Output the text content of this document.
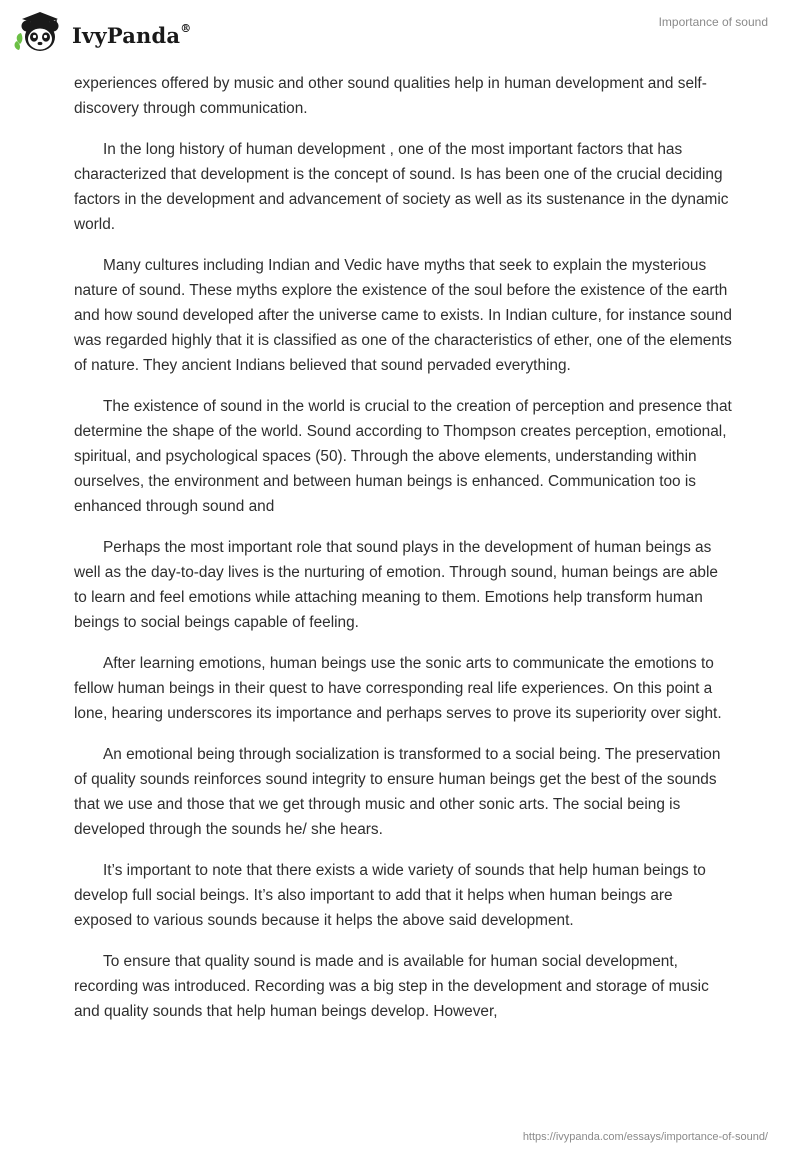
IvyPanda®	Importance of sound

experiences offered by music and other sound qualities help in human development and self-discovery through communication.

In the long history of human development , one of the most important factors that has characterized that development is the concept of sound. Is has been one of the crucial deciding factors in the development and advancement of society as well as its sustenance in the dynamic world.

Many cultures including Indian and Vedic have myths that seek to explain the mysterious nature of sound. These myths explore the existence of the soul before the existence of the earth and how sound developed after the universe came to exists. In Indian culture, for instance sound was regarded highly that it is classified as one of the characteristics of ether, one of the elements of nature. They ancient Indians believed that sound pervaded everything.

The existence of sound in the world is crucial to the creation of perception and presence that determine the shape of the world. Sound according to Thompson creates perception, emotional, spiritual, and psychological spaces (50). Through the above elements, understanding within ourselves, the environment and between human beings is enhanced. Communication too is enhanced through sound and

Perhaps the most important role that sound plays in the development of human beings as well as the day-to-day lives is the nurturing of emotion. Through sound, human beings are able to learn and feel emotions while attaching meaning to them. Emotions help transform human beings to social beings capable of feeling.

After learning emotions, human beings use the sonic arts to communicate the emotions to fellow human beings in their quest to have corresponding real life experiences. On this point a lone, hearing underscores its importance and perhaps serves to prove its superiority over sight.

An emotional being through socialization is transformed to a social being. The preservation of quality sounds reinforces sound integrity to ensure human beings get the best of the sounds that we use and those that we get through music and other sonic arts. The social being is developed through the sounds he/ she hears.

It’s important to note that there exists a wide variety of sounds that help human beings to develop full social beings. It’s also important to add that it helps when human beings are exposed to various sounds because it helps the above said development.

To ensure that quality sound is made and is available for human social development, recording was introduced. Recording was a big step in the development and storage of music and quality sounds that help human beings develop. However,

https://ivypanda.com/essays/importance-of-sound/
